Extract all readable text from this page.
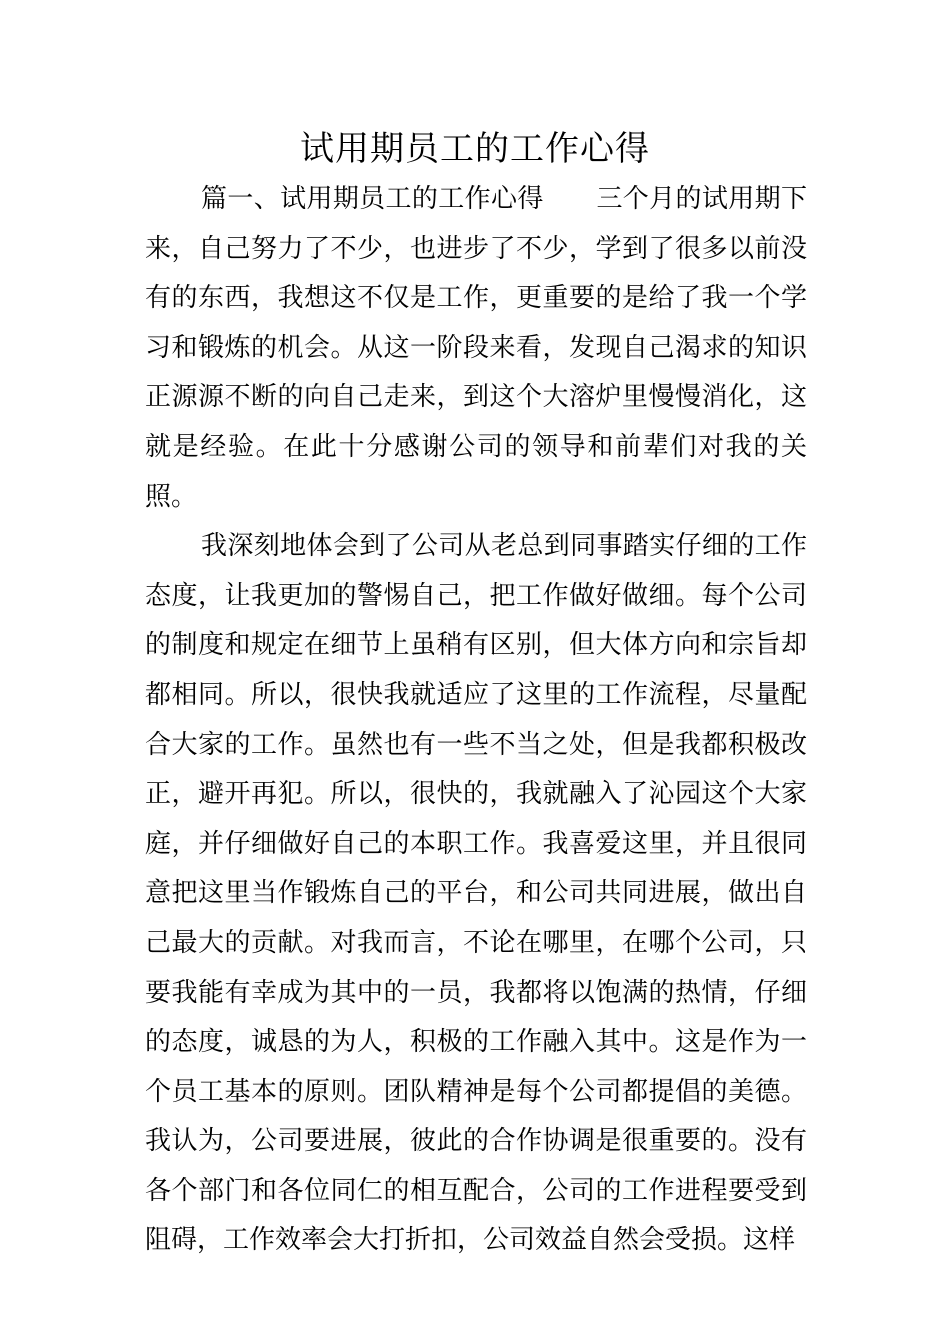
试用期员工的工作心得

篇一、试用期员工的工作心得　　三个月的试用期下来，自己努力了不少，也进步了不少，学到了很多以前没有的东西，我想这不仅是工作，更重要的是给了我一个学习和锻炼的机会。从这一阶段来看，发现自己渴求的知识正源源不断的向自己走来，到这个大溶炉里慢慢消化，这就是经验。在此十分感谢公司的领导和前辈们对我的关照。

我深刻地体会到了公司从老总到同事踏实仔细的工作态度，让我更加的警惕自己，把工作做好做细。每个公司的制度和规定在细节上虽稍有区别，但大体方向和宗旨却都相同。所以，很快我就适应了这里的工作流程，尽量配合大家的工作。虽然也有一些不当之处，但是我都积极改正，避开再犯。所以，很快的，我就融入了沁园这个大家庭，并仔细做好自己的本职工作。我喜爱这里，并且很同意把这里当作锻炼自己的平台，和公司共同进展，做出自己最大的贡献。对我而言，不论在哪里，在哪个公司，只要我能有幸成为其中的一员，我都将以饱满的热情，仔细的态度，诚恳的为人，积极的工作融入其中。这是作为一个员工基本的原则。团队精神是每个公司都提倡的美德。我认为，公司要进展，彼此的合作协调是很重要的。没有各个部门和各位同仁的相互配合，公司的工作进程要受到阻碍，工作效率会大打折扣，公司效益自然会受损。这样
